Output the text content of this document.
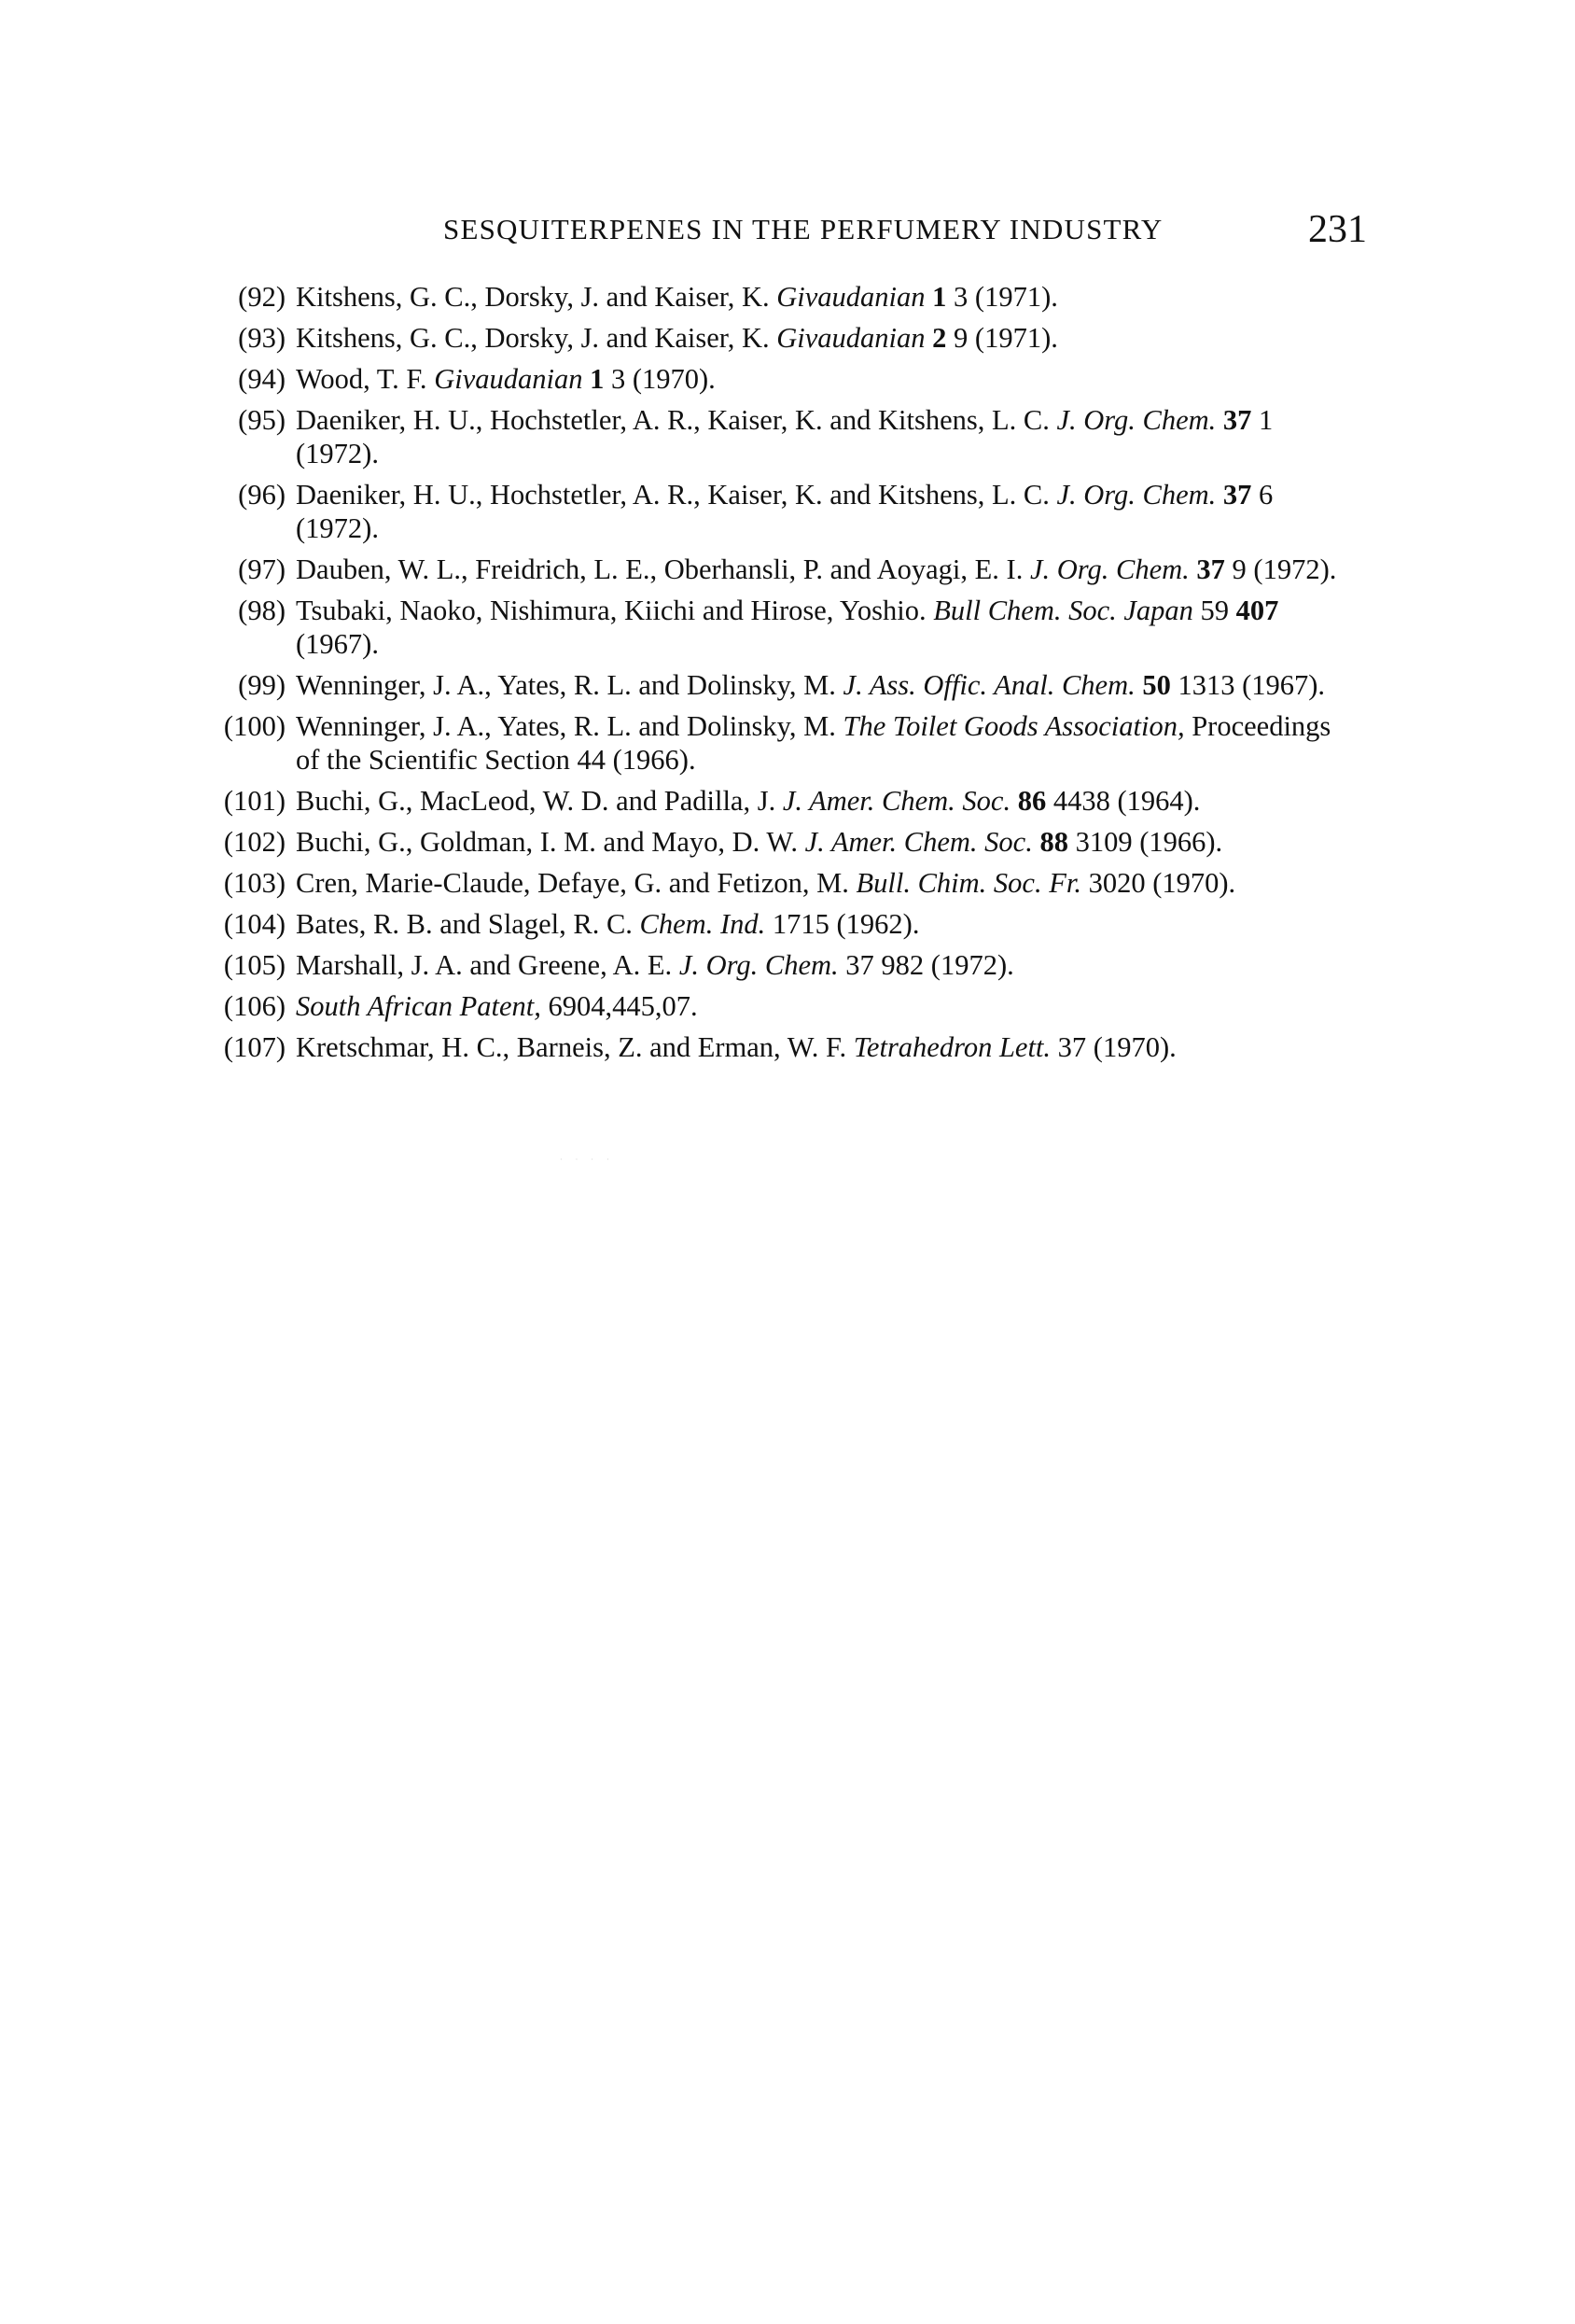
SESQUITERPENES IN THE PERFUMERY INDUSTRY	231
(92) Kitshens, G. C., Dorsky, J. and Kaiser, K. Givaudanian 1 3 (1971).
(93) Kitshens, G. C., Dorsky, J. and Kaiser, K. Givaudanian 2 9 (1971).
(94) Wood, T. F. Givaudanian 1 3 (1970).
(95) Daeniker, H. U., Hochstetler, A. R., Kaiser, K. and Kitshens, L. C. J. Org. Chem. 37 1
(1972).
(96) Daeniker, H. U., Hochstetler, A. R., Kaiser, K. and Kitshens, L. C. J. Org. Chem. 37 6
(1972).
(97) Dauben, W. L., Freidrich, L. E., Oberhansli, P. and Aoyagi, E. I. J. Org. Chem. 37 9 (1972).
(98) Tsubaki, Naoko, Nishimura, Kiichi and Hirose, Yoshio. Bull Chem. Soc. Japan 59 407
(1967).
(99) Wenninger, J. A., Yates, R. L. and Dolinsky, M. J. Ass. Offic. Anal. Chem. 50 1313 (1967).
(100) Wenninger, J. A., Yates, R. L. and Dolinsky, M. The Toilet Goods Association, Proceedings
of the Scientific Section 44 (1966).
(101) Buchi, G., MacLeod, W. D. and Padilla, J. J. Amer. Chem. Soc. 86 4438 (1964).
(102) Buchi, G., Goldman, I. M. and Mayo, D. W. J. Amer. Chem. Soc. 88 3109 (1966).
(103) Cren, Marie-Claude, Defaye, G. and Fetizon, M. Bull. Chim. Soc. Fr. 3020 (1970).
(104) Bates, R. B. and Slagel, R. C. Chem. Ind. 1715 (1962).
(105) Marshall, J. A. and Greene, A. E. J. Org. Chem. 37 982 (1972).
(106) South African Patent, 6904,445,07.
(107) Kretschmar, H. C., Barneis, Z. and Erman, W. F. Tetrahedron Lett. 37 (1970).
· · · ·
